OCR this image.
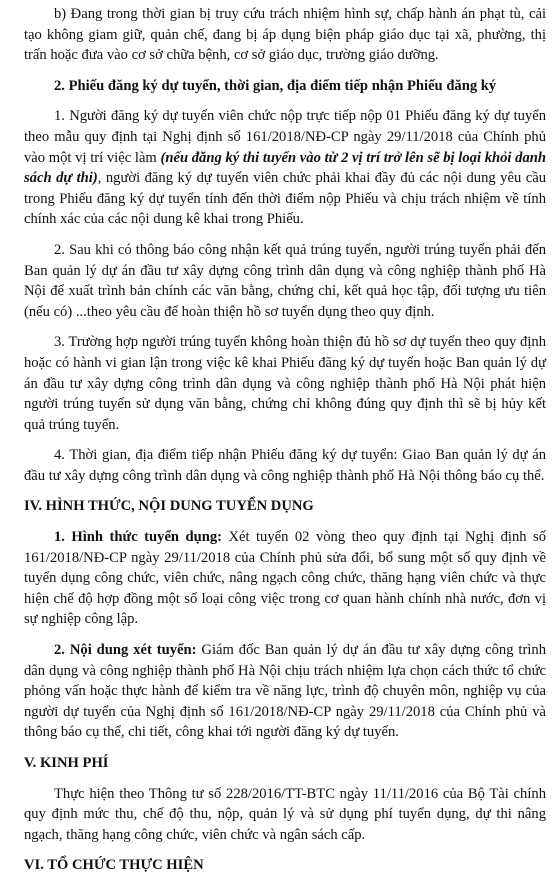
b) Đang trong thời gian bị truy cứu trách nhiệm hình sự, chấp hành án phạt tù, cải tạo không giam giữ, quản chế, đang bị áp dụng biện pháp giáo dục tại xã, phường, thị trấn hoặc đưa vào cơ sở chữa bệnh, cơ sở giáo dục, trường giáo dưỡng.

2. Phiếu đăng ký dự tuyển, thời gian, địa điểm tiếp nhận Phiếu đăng ký

1. Người đăng ký dự tuyển viên chức nộp trực tiếp nộp 01 Phiếu đăng ký dự tuyển theo mẫu quy định tại Nghị định số 161/2018/NĐ-CP ngày 29/11/2018 của Chính phủ vào một vị trí việc làm (nếu đăng ký thi tuyển vào từ 2 vị trí trở lên sẽ bị loại khỏi danh sách dự thi), người đăng ký dự tuyển viên chức phải khai đầy đủ các nội dung yêu cầu trong Phiếu đăng ký dự tuyển tính đến thời điểm nộp Phiếu và chịu trách nhiệm về tính chính xác của các nội dung kê khai trong Phiếu.

2. Sau khi có thông báo công nhận kết quả trúng tuyển, người trúng tuyển phải đến Ban quản lý dự án đầu tư xây dựng công trình dân dụng và công nghiệp thành phố Hà Nội để xuất trình bản chính các văn bằng, chứng chỉ, kết quả học tập, đối tượng ưu tiên (nếu có) ...theo yêu cầu để hoàn thiện hồ sơ tuyển dụng theo quy định.

3. Trường hợp người trúng tuyển không hoàn thiện đủ hồ sơ dự tuyển theo quy định hoặc có hành vi gian lận trong việc kê khai Phiếu đăng ký dự tuyển hoặc Ban quản lý dự án đầu tư xây dựng công trình dân dụng và công nghiệp thành phố Hà Nội phát hiện người trúng tuyển sử dụng văn bằng, chứng chỉ không đúng quy định thì sẽ bị hủy kết quả trúng tuyển.

4. Thời gian, địa điểm tiếp nhận Phiếu đăng ký dự tuyển: Giao Ban quản lý dự án đầu tư xây dựng công trình dân dụng và công nghiệp thành phố Hà Nội thông báo cụ thể.

IV. HÌNH THỨC, NỘI DUNG TUYỂN DỤNG

1. Hình thức tuyển dụng: Xét tuyển 02 vòng theo quy định tại Nghị định số 161/2018/NĐ-CP ngày 29/11/2018 của Chính phủ sửa đổi, bổ sung một số quy định về tuyển dụng công chức, viên chức, nâng ngạch công chức, thăng hạng viên chức và thực hiện chế độ hợp đồng một số loại công việc trong cơ quan hành chính nhà nước, đơn vị sự nghiệp công lập.

2. Nội dung xét tuyển: Giám đốc Ban quản lý dự án đầu tư xây dựng công trình dân dụng và công nghiệp thành phố Hà Nội chịu trách nhiệm lựa chọn cách thức tổ chức phỏng vấn hoặc thực hành để kiểm tra về năng lực, trình độ chuyên môn, nghiệp vụ của người dự tuyển của Nghị định số 161/2018/NĐ-CP ngày 29/11/2018 của Chính phủ và thông báo cụ thể, chi tiết, công khai tới người đăng ký dự tuyển.

V. KINH PHÍ

Thực hiện theo Thông tư số 228/2016/TT-BTC ngày 11/11/2016 của Bộ Tài chính quy định mức thu, chế độ thu, nộp, quản lý và sử dụng phí tuyển dụng, dự thi nâng ngạch, thăng hạng công chức, viên chức và ngân sách cấp.

VI. TỔ CHỨC THỰC HIỆN
